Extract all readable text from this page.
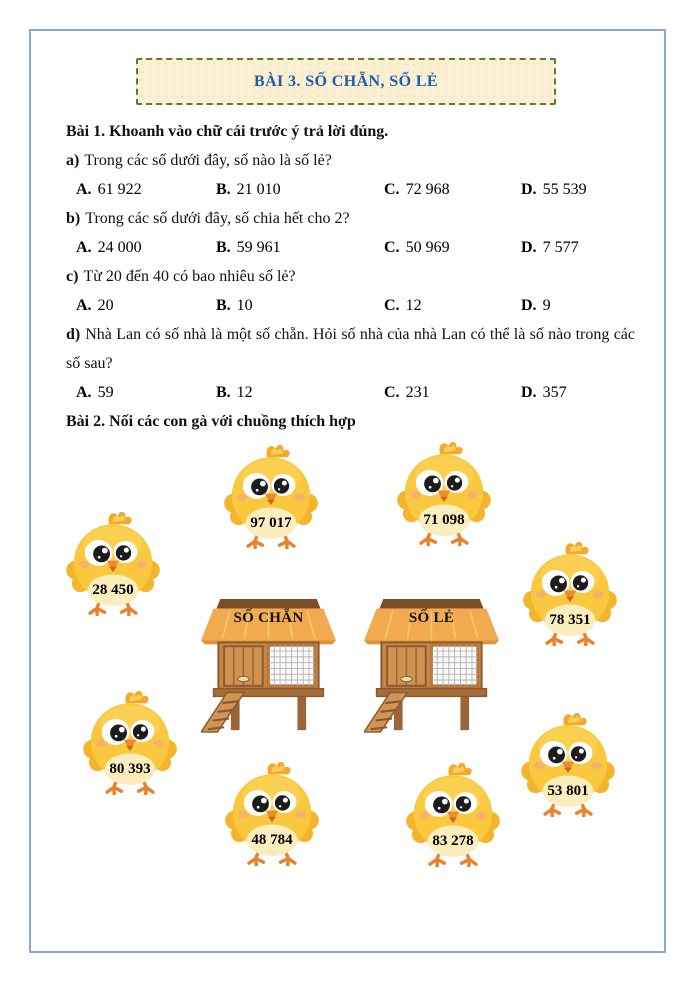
BÀI 3. SỐ CHẴN, SỐ LẺ

Bài 1. Khoanh vào chữ cái trước ý trả lời đúng.

a) Trong các số dưới đây, số nào là số lẻ?

A. 61 922	B. 21 010	C. 72 968	D. 55 539

b) Trong các số dưới đây, số chia hết cho 2?

A. 24 000	B. 59 961	C. 50 969	D. 7 577

c) Từ 20 đến 40 có bao nhiêu số lẻ?

A. 20	B. 10	C. 12	D. 9

d) Nhà Lan có số nhà là một số chẵn. Hỏi số nhà của nhà Lan có thể là số nào trong các số sau?

A. 59	B. 12	C. 231	D. 357

Bài 2. Nối các con gà với chuồng thích hợp

97 017	71 098
28 450
78 351
80 393
53 801
48 784	83 278
SỐ CHẴN	SỐ LẺ
